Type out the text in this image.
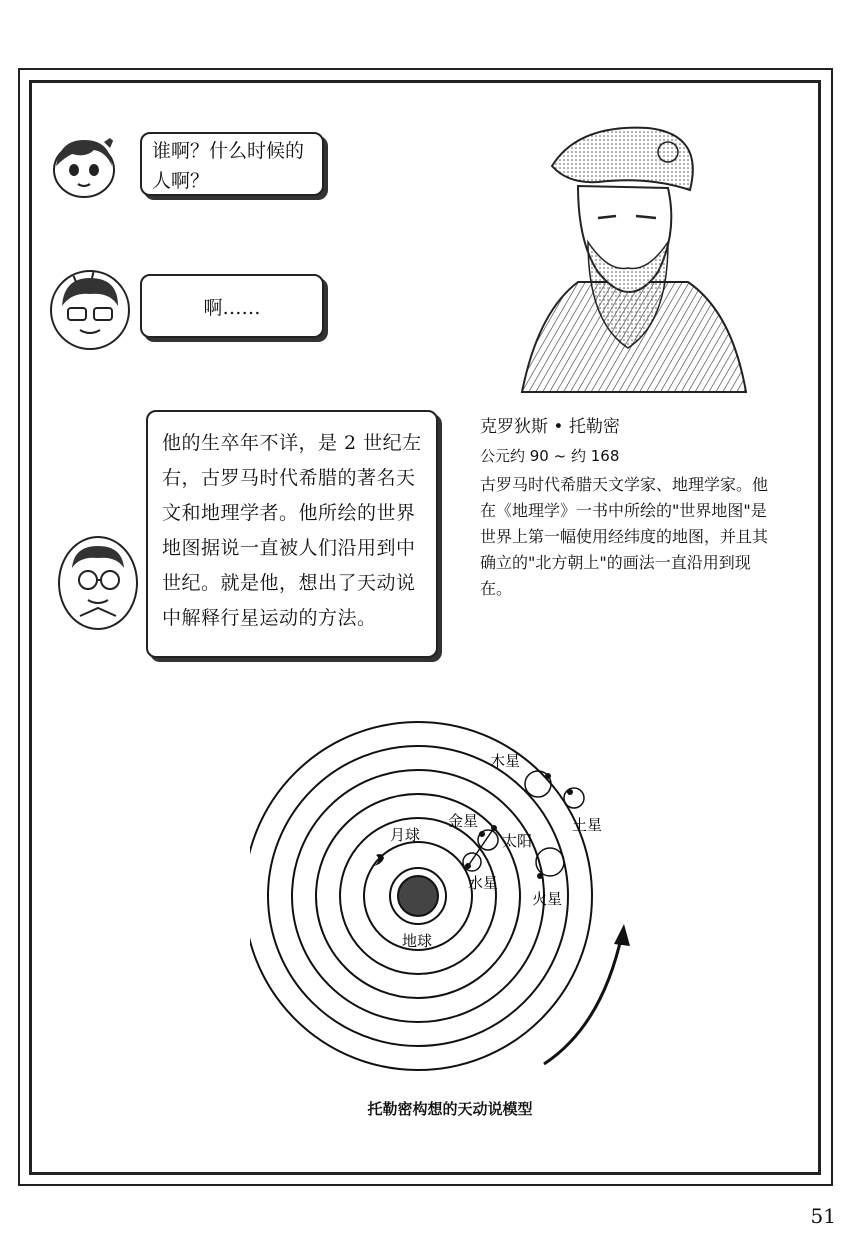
谁啊？什么时候的人啊？
啊……
他的生卒年不详，是 2 世纪左右，古罗马时代希腊的著名天文和地理学者。他所绘的世界地图据说一直被人们沿用到中世纪。就是他，想出了天动说中解释行星运动的方法。
克罗狄斯 • 托勒密
公元约 90 ~ 约 168
古罗马时代希腊天文学家、地理学家。他在《地理学》一书中所绘的"世界地图"是世界上第一幅使用经纬度的地图，并且其确立的"北方朝上"的画法一直沿用到现在。
地球
月球
水星
金星
太阳
火星
木星
土星
托勒密构想的天动说模型
51
